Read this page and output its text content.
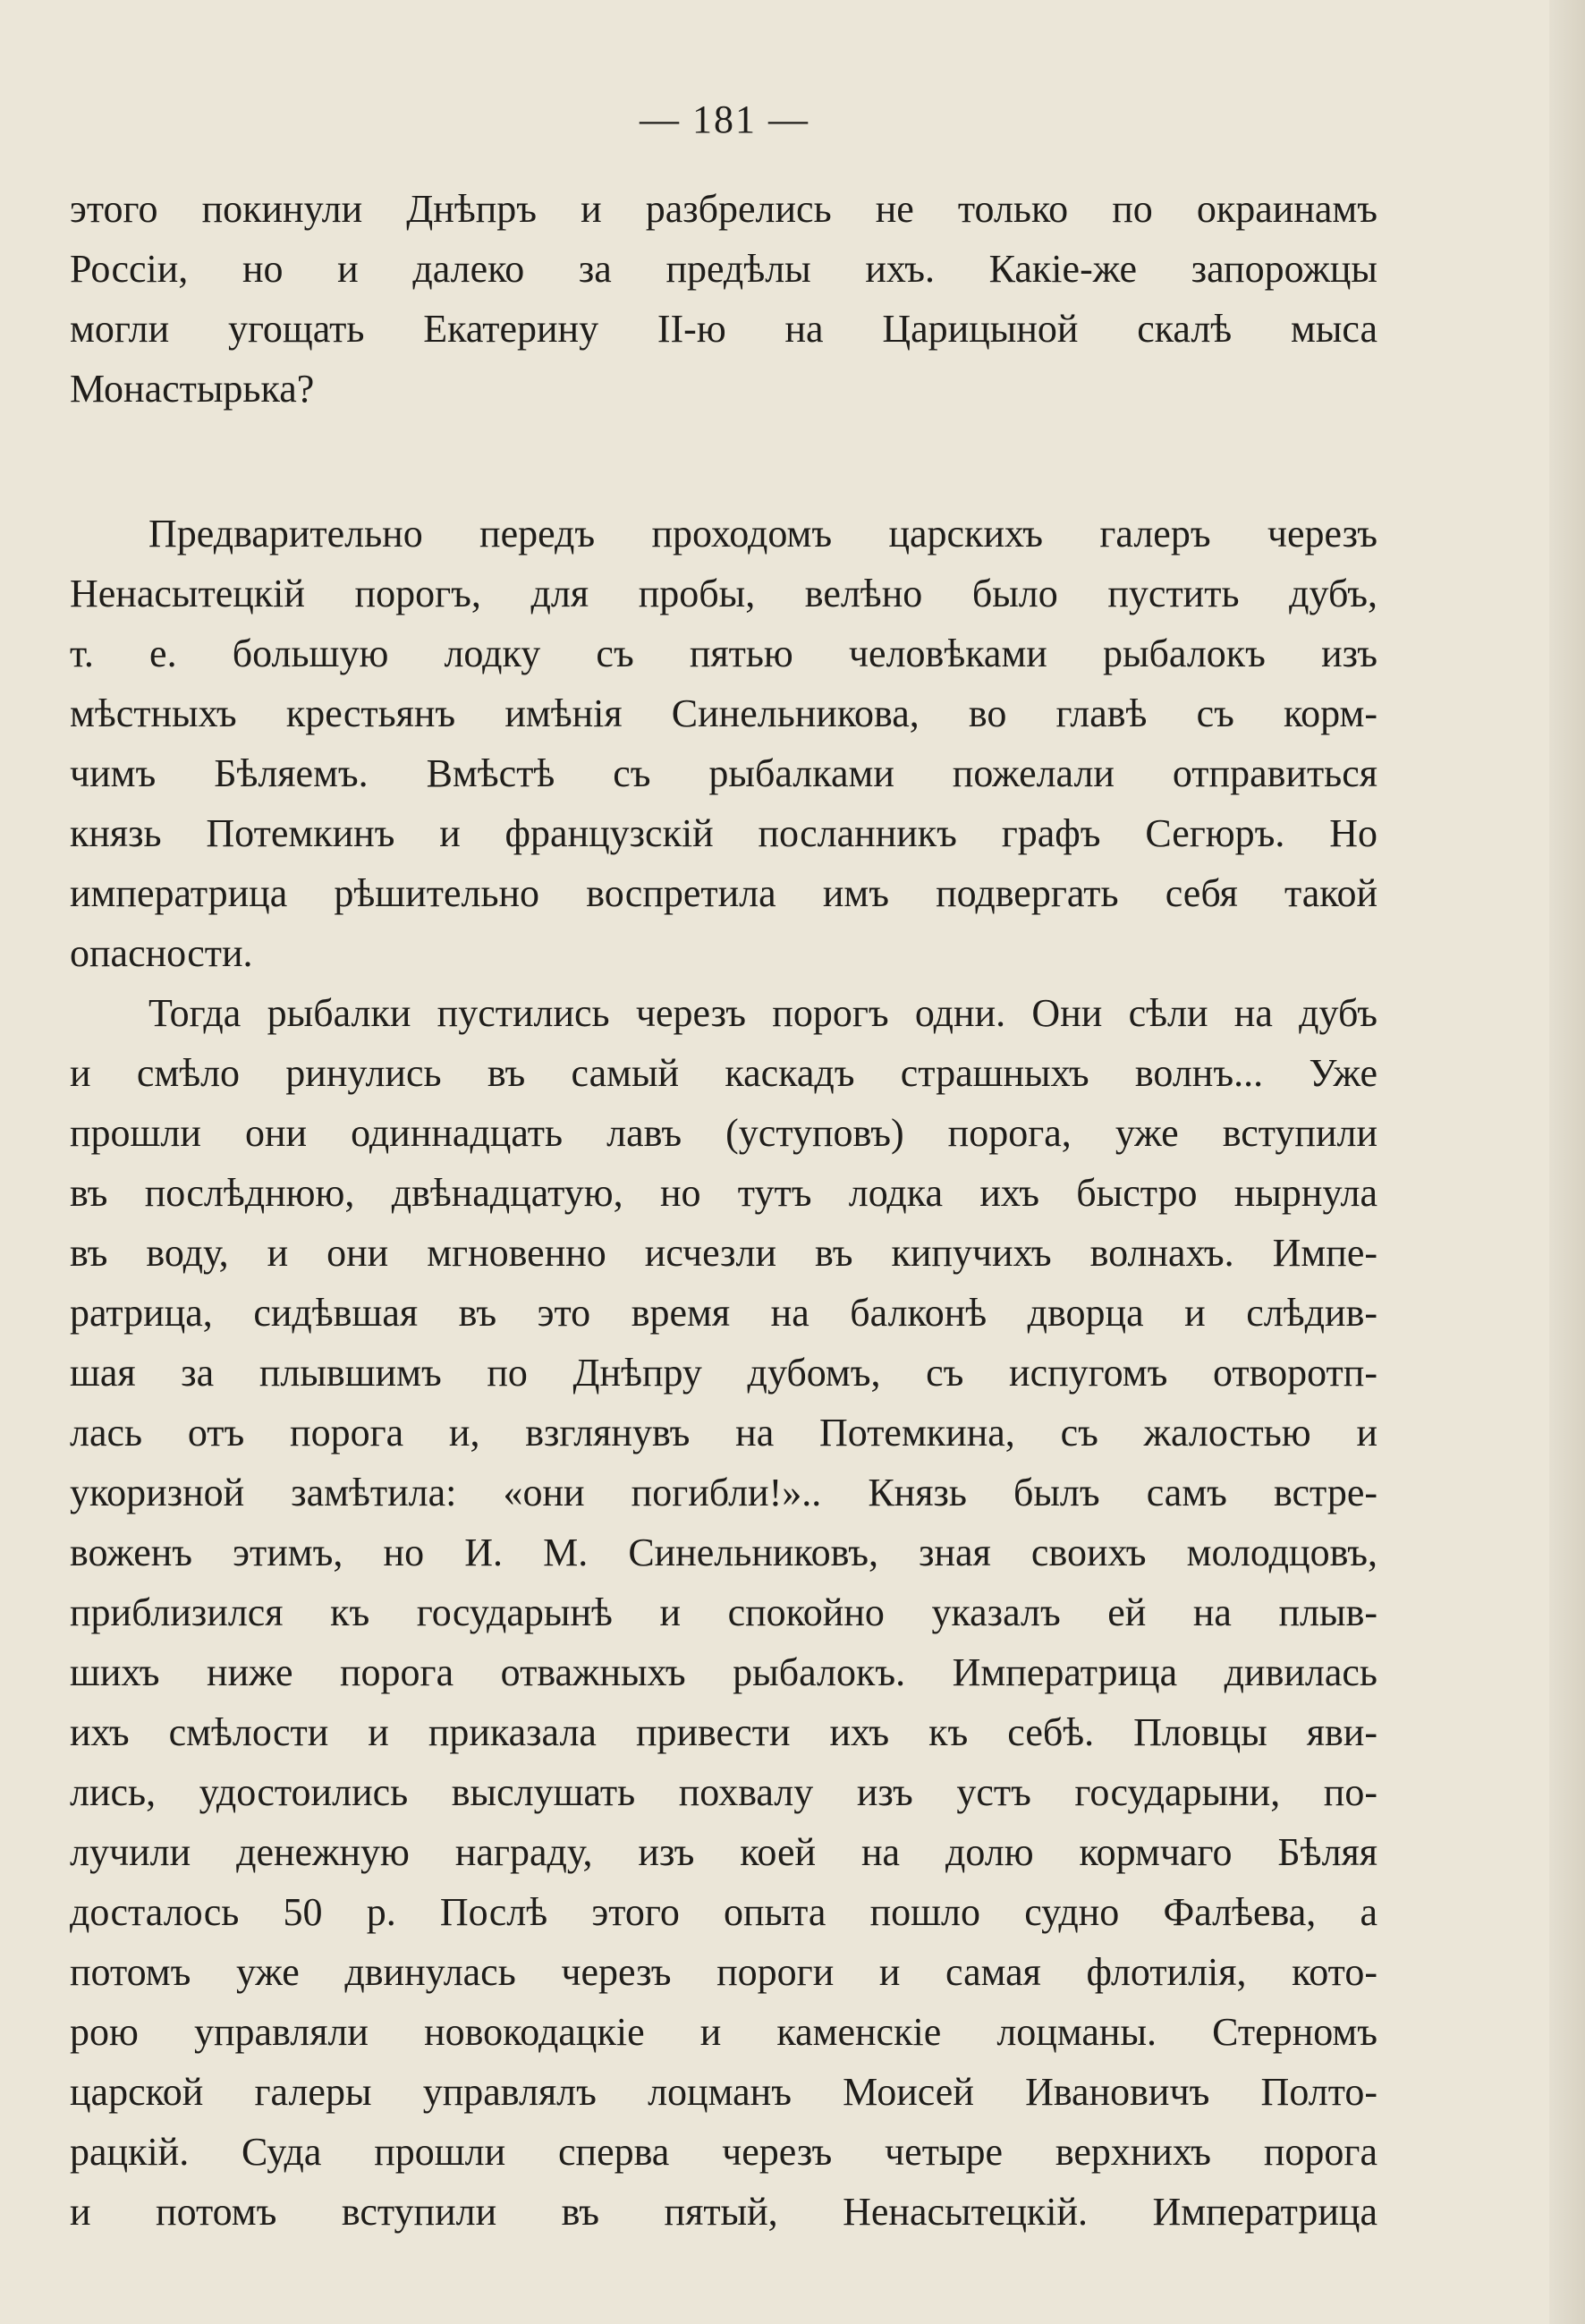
— 181 —
этого покинули Днѣпръ и разбрелись не только по окраинамъ
Россіи, но и далеко за предѣлы ихъ. Какіе-же запорожцы
могли угощать Екатерину II-ю на Царицыной скалѣ мыса
Монастырька?
Предварительно передъ проходомъ царскихъ галеръ черезъ
Ненасытецкій порогъ, для пробы, велѣно было пустить дубъ,
т. е. большую лодку съ пятью человѣками рыбалокъ изъ
мѣстныхъ крестьянъ имѣнія Синельникова, во главѣ съ корм-
чимъ Бѣляемъ. Вмѣстѣ съ рыбалками пожелали отправиться
князь Потемкинъ и французскій посланникъ графъ Сегюръ. Но
императрица рѣшительно воспретила имъ подвергать себя такой
опасности.
Тогда рыбалки пустились черезъ порогъ одни. Они сѣли на дубъ
и смѣло ринулись въ самый каскадъ страшныхъ волнъ... Уже
прошли они одиннадцать лавъ (уступовъ) порога, уже вступили
въ послѣднюю, двѣнадцатую, но тутъ лодка ихъ быстро нырнула
въ воду, и они мгновенно исчезли въ кипучихъ волнахъ. Импе-
ратрица, сидѣвшая въ это время на балконѣ дворца и слѣдив-
шая за плывшимъ по Днѣпру дубомъ, съ испугомъ отворотп-
лась отъ порога и, взглянувъ на Потемкина, съ жалостью и
укоризной замѣтила: «они погибли!».. Князь былъ самъ встре-
воженъ этимъ, но И. М. Синельниковъ, зная своихъ молодцовъ,
приблизился къ государынѣ и спокойно указалъ ей на плыв-
шихъ ниже порога отважныхъ рыбалокъ. Императрица дивилась
ихъ смѣлости и приказала привести ихъ къ себѣ. Пловцы яви-
лись, удостоились выслушать похвалу изъ устъ государыни, по-
лучили денежную награду, изъ коей на долю кормчаго Бѣляя
досталось 50 р. Послѣ этого опыта пошло судно Фалѣева, а
потомъ уже двинулась черезъ пороги и самая флотилія, кото-
рою управляли новокодацкіе и каменскіе лоцманы. Стерномъ
царской галеры управлялъ лоцманъ Моисей Ивановичъ Полто-
рацкій. Суда прошли сперва черезъ четыре верхнихъ порога
и потомъ вступили въ пятый, Ненасытецкій. Императрица
